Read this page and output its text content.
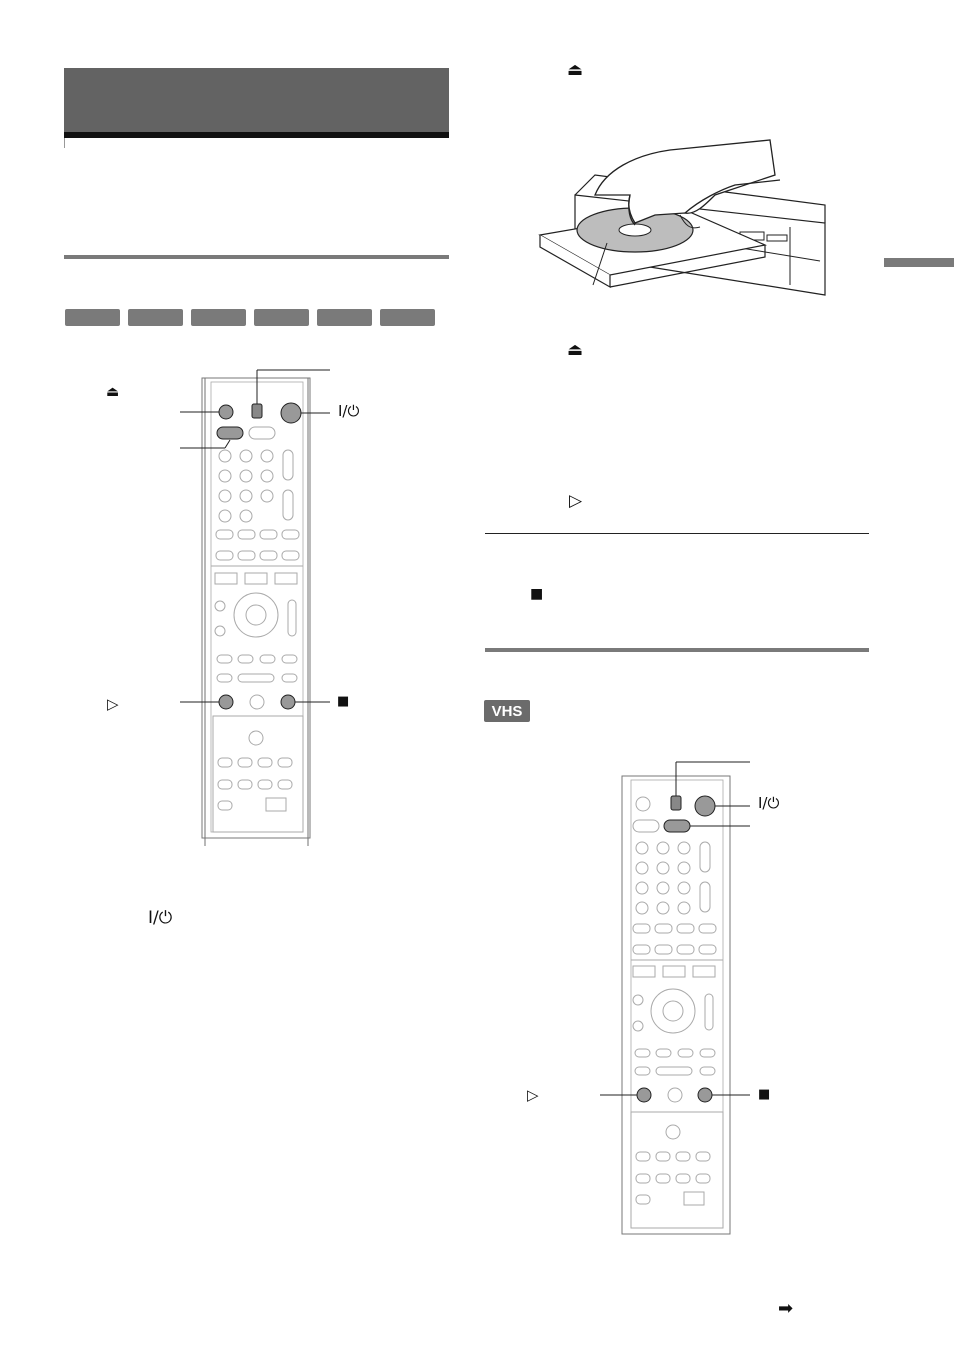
⏏
▷	■
I/⏻
I/⏻
⏏
⏏
▷
■
VHS
I/⏻
▷	■
➡
